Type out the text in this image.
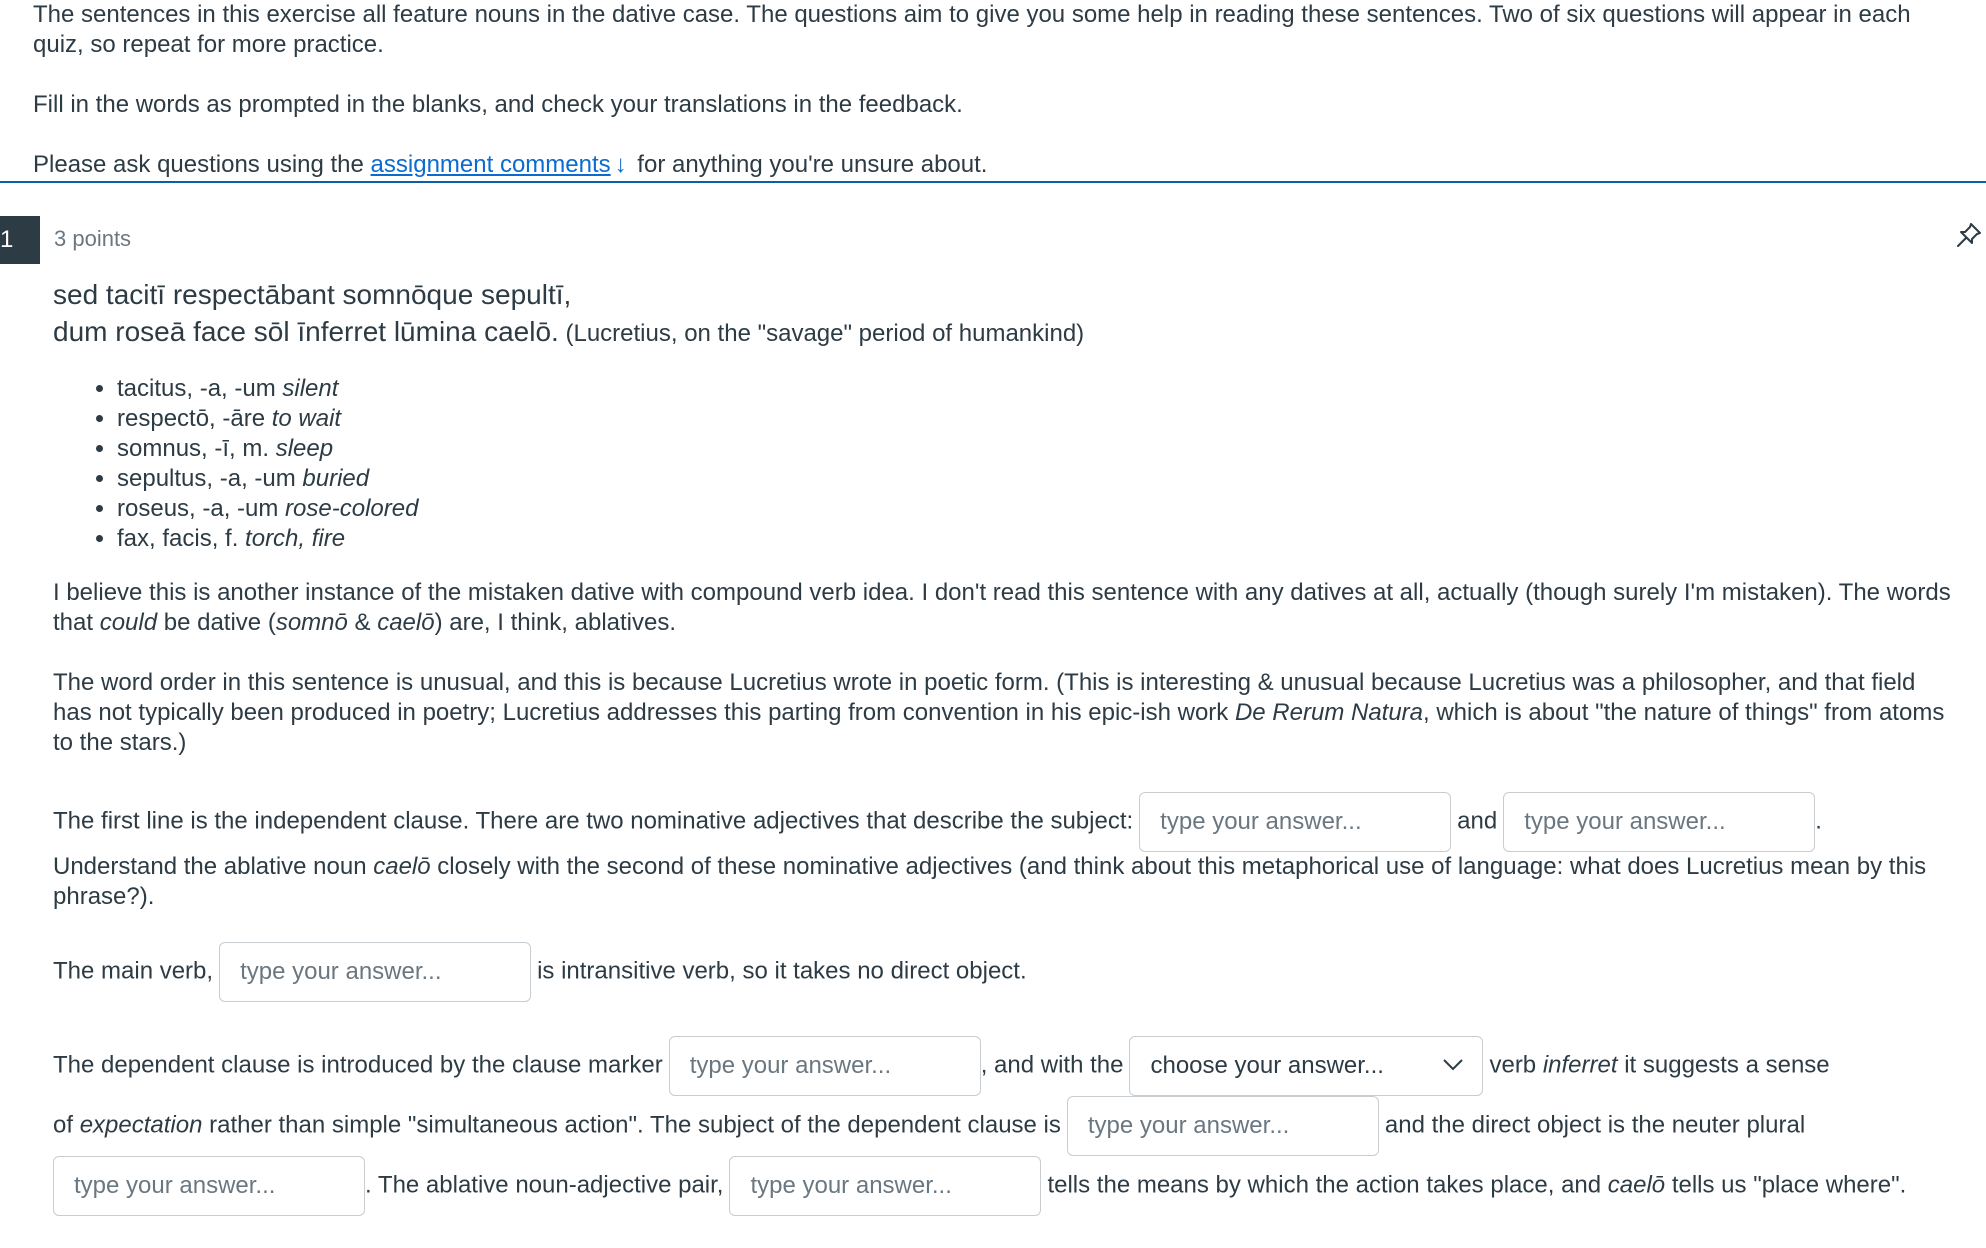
The sentences in this exercise all feature nouns in the dative case. The questions aim to give you some help in reading these sentences. Two of six questions will appear in each quiz, so repeat for more practice.

Fill in the words as prompted in the blanks, and check your translations in the feedback.

Please ask questions using the assignment comments ↓ for anything you're unsure about.

1	3 points

sed tacitī respectābant somnōque sepultī,
dum roseā face sōl īnferret lūmina caelō. (Lucretius, on the "savage" period of humankind)

• tacitus, -a, -um silent
• respectō, -āre to wait
• somnus, -ī, m. sleep
• sepultus, -a, -um buried
• roseus, -a, -um rose-colored
• fax, facis, f. torch, fire

I believe this is another instance of the mistaken dative with compound verb idea. I don't read this sentence with any datives at all, actually (though surely I'm mistaken). The words that could be dative (somnō & caelō) are, I think, ablatives.

The word order in this sentence is unusual, and this is because Lucretius wrote in poetic form. (This is interesting & unusual because Lucretius was a philosopher, and that field has not typically been produced in poetry; Lucretius addresses this parting from convention in his epic-ish work De Rerum Natura, which is about "the nature of things" from atoms to the stars.)

The first line is the independent clause. There are two nominative adjectives that describe the subject:type your answer...	andtype your answer...	.
Understand the ablative noun caelō closely with the second of these nominative adjectives (and think about this metaphorical use of language: what does Lucretius mean by this phrase?).
The main verb,type your answer...	is intransitive verb, so it takes no direct object.
The dependent clause is introduced by the clause markertype your answer...	, and with the choose your answer...	verb inferret it suggests a sense
of expectation rather than simple "simultaneous action". The subject of the dependent clause istype your answer...	and the direct object is the neuter plural
type your answer.... The ablative noun-adjective pair,type your answer...	tells the means by which the action takes place, and caelō tells us "place where".
